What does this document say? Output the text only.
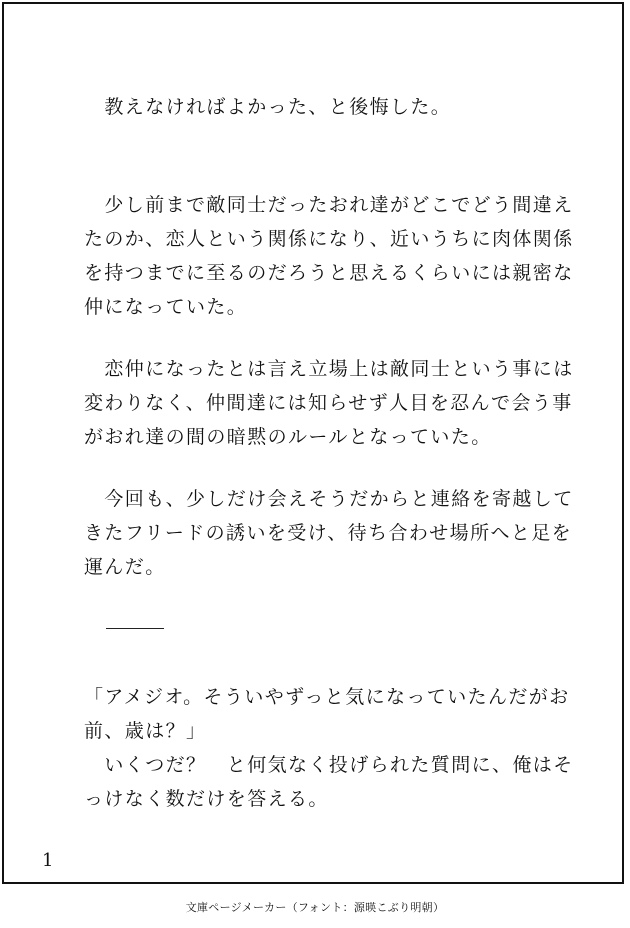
　教えなければよかった、と後悔した。
　少し前まで敵同士だったおれ達がどこでどう間違え
たのか、恋人という関係になり、近いうちに肉体関係
を持つまでに至るのだろうと思えるくらいには親密な
仲になっていた。
　恋仲になったとは言え立場上は敵同士という事には
変わりなく、仲間達には知らせず人目を忍んで会う事
がおれ達の間の暗黙のルールとなっていた。
　今回も、少しだけ会えそうだからと連絡を寄越して
きたフリードの誘いを受け、待ち合わせ場所へと足を
運んだ。
「アメジオ。そういやずっと気になっていたんだがお
前、歳は？」
　いくつだ？　と何気なく投げられた質問に、俺はそ
っけなく数だけを答える。
1
文庫ページメーカー（フォント：源暎こぶり明朝）
